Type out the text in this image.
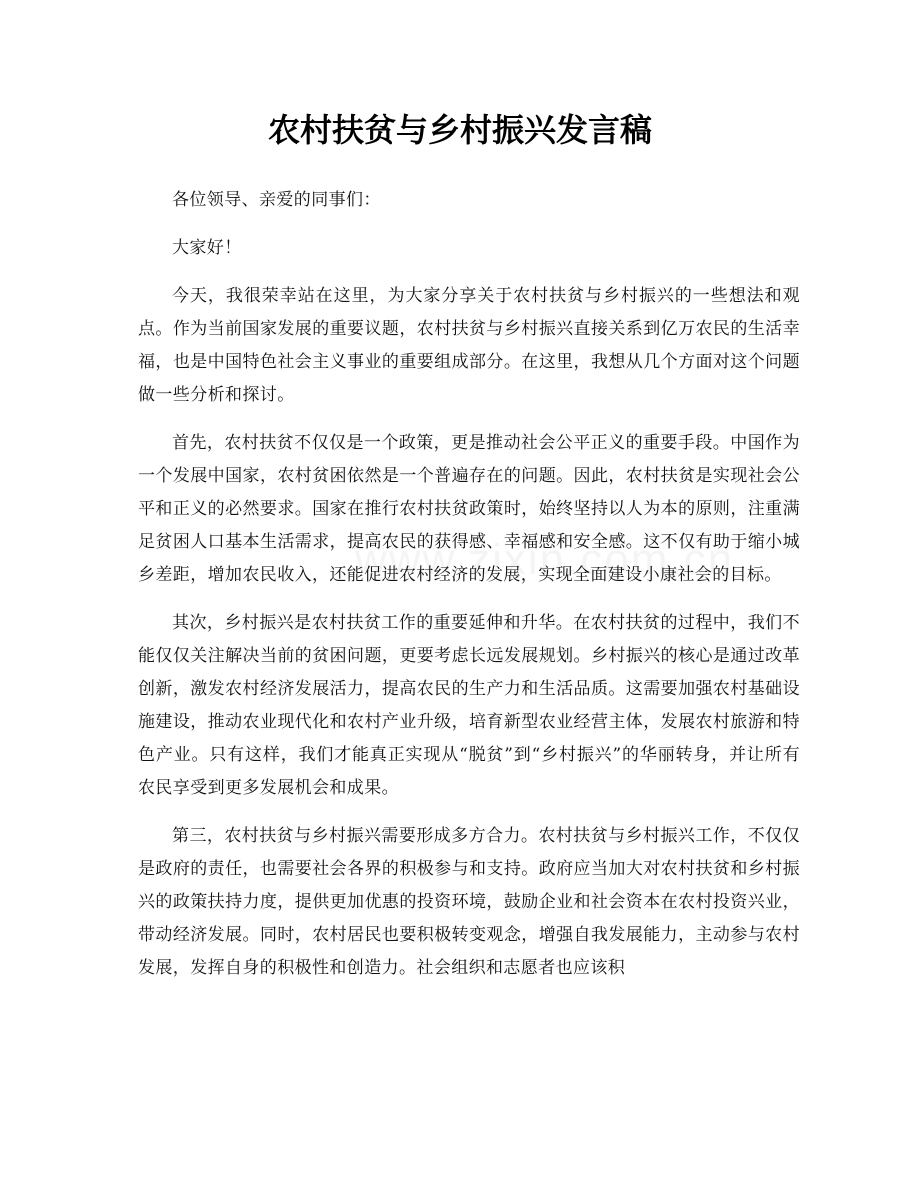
农村扶贫与乡村振兴发言稿

各位领导、亲爱的同事们：

大家好！

今天，我很荣幸站在这里，为大家分享关于农村扶贫与乡村振兴的一些想法和观点。作为当前国家发展的重要议题，农村扶贫与乡村振兴直接关系到亿万农民的生活幸福，也是中国特色社会主义事业的重要组成部分。在这里，我想从几个方面对这个问题做一些分析和探讨。

首先，农村扶贫不仅仅是一个政策，更是推动社会公平正义的重要手段。中国作为一个发展中国家，农村贫困依然是一个普遍存在的问题。因此，农村扶贫是实现社会公平和正义的必然要求。国家在推行农村扶贫政策时，始终坚持以人为本的原则，注重满足贫困人口基本生活需求，提高农民的获得感、幸福感和安全感。这不仅有助于缩小城乡差距，增加农民收入，还能促进农村经济的发展，实现全面建设小康社会的目标。

其次，乡村振兴是农村扶贫工作的重要延伸和升华。在农村扶贫的过程中，我们不能仅仅关注解决当前的贫困问题，更要考虑长远发展规划。乡村振兴的核心是通过改革创新，激发农村经济发展活力，提高农民的生产力和生活品质。这需要加强农村基础设施建设，推动农业现代化和农村产业升级，培育新型农业经营主体，发展农村旅游和特色产业。只有这样，我们才能真正实现从“脱贫”到“乡村振兴”的华丽转身，并让所有农民享受到更多发展机会和成果。

第三，农村扶贫与乡村振兴需要形成多方合力。农村扶贫与乡村振兴工作，不仅仅是政府的责任，也需要社会各界的积极参与和支持。政府应当加大对农村扶贫和乡村振兴的政策扶持力度，提供更加优惠的投资环境，鼓励企业和社会资本在农村投资兴业，带动经济发展。同时，农村居民也要积极转变观念，增强自我发展能力，主动参与农村发展，发挥自身的积极性和创造力。社会组织和志愿者也应该积
